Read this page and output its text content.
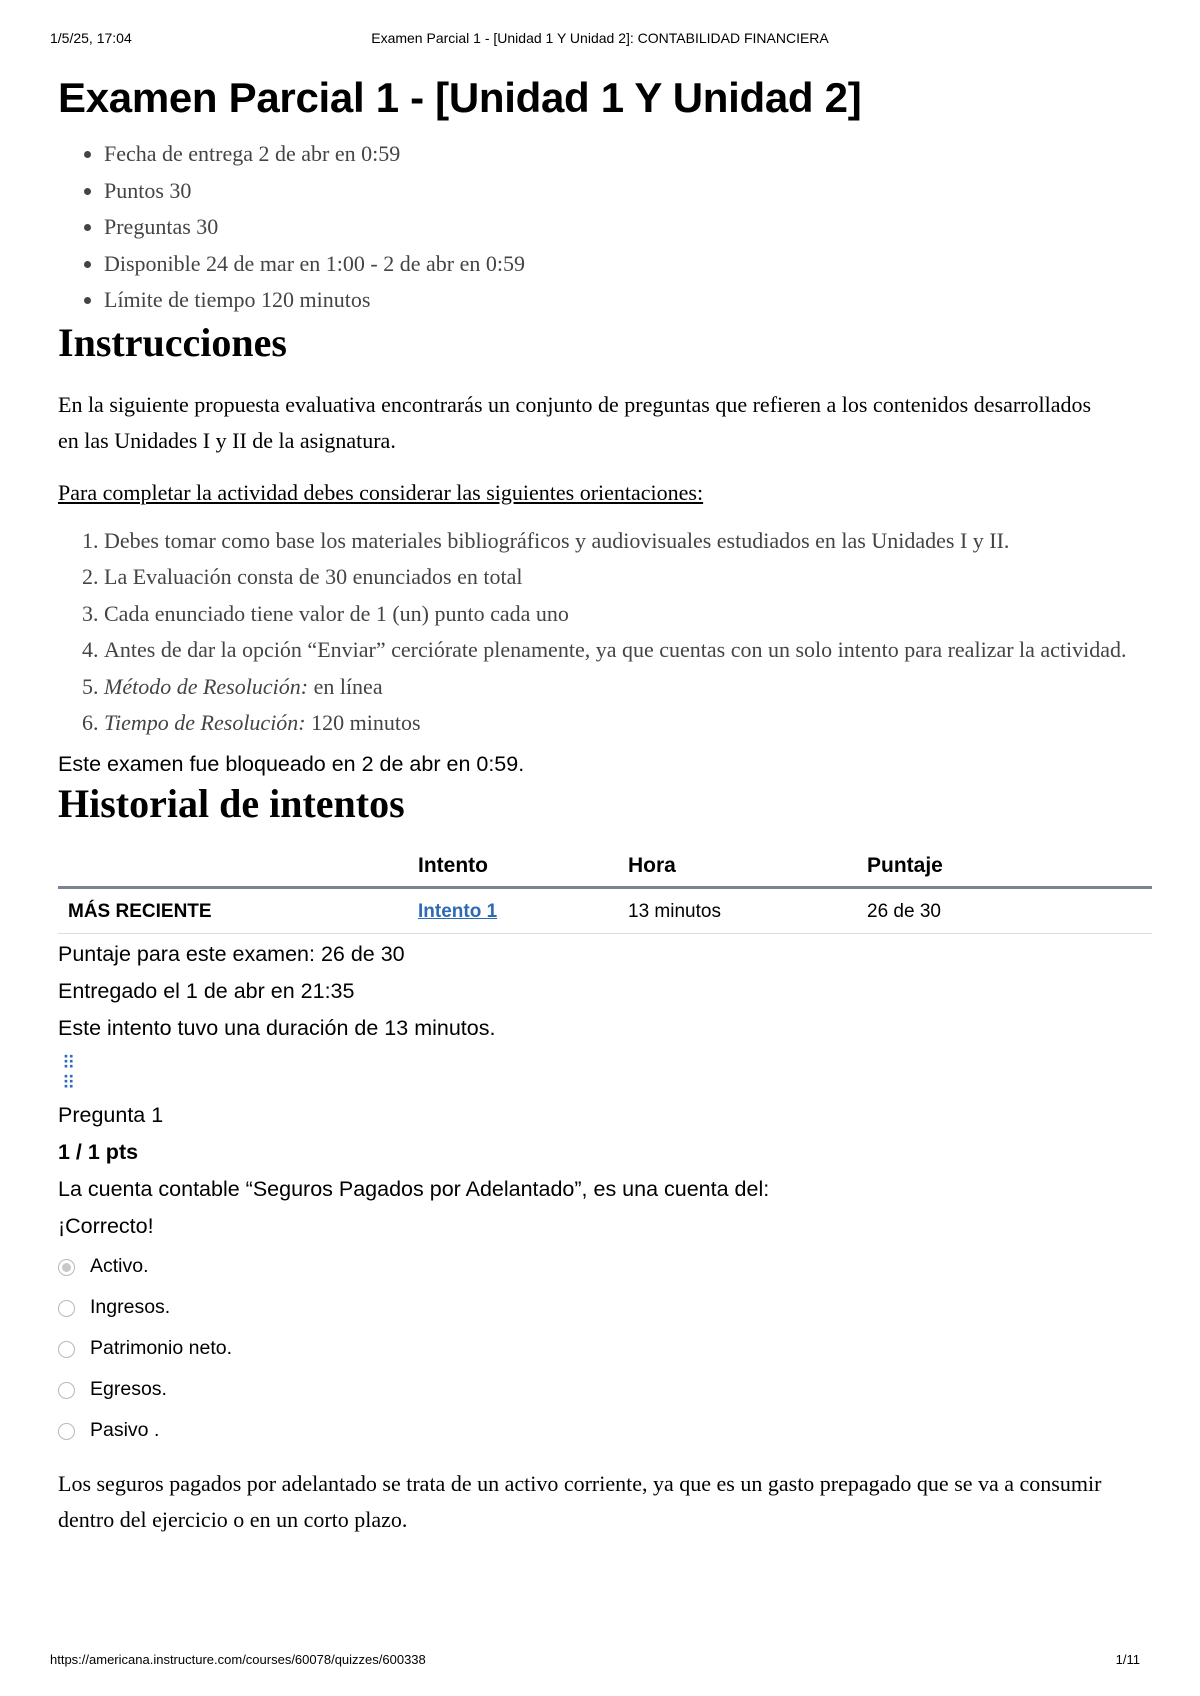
1/5/25, 17:04	Examen Parcial 1 - [Unidad 1 Y Unidad 2]: CONTABILIDAD FINANCIERA
Examen Parcial 1 - [Unidad 1 Y Unidad 2]
• Fecha de entrega 2 de abr en 0:59
• Puntos 30
• Preguntas 30
• Disponible 24 de mar en 1:00 - 2 de abr en 0:59
• Límite de tiempo 120 minutos
Instrucciones

En la siguiente propuesta evaluativa encontrarás un conjunto de preguntas que refieren a los contenidos desarrollados en las Unidades I y II de la asignatura.

Para completar la actividad debes considerar las siguientes orientaciones:

1. Debes tomar como base los materiales bibliográficos y audiovisuales estudiados en las Unidades I y II.
2. La Evaluación consta de 30 enunciados en total
3. Cada enunciado tiene valor de 1 (un) punto cada uno
4. Antes de dar la opción “Enviar” cerciórate plenamente, ya que cuentas con un solo intento para realizar la actividad.
5. Método de Resolución: en línea
6. Tiempo de Resolución: 120 minutos
Este examen fue bloqueado en 2 de abr en 0:59.
Historial de intentos
	Intento	Hora	Puntaje
MÁS RECIENTE	Intento 1	13 minutos	26 de 30
Puntaje para este examen: 26 de 30
Entregado el 1 de abr en 21:35
Este intento tuvo una duración de 13 minutos.
⠿
⠿
Pregunta 1
1 / 1 pts
La cuenta contable “Seguros Pagados por Adelantado”, es una cuenta del:
¡Correcto!
Activo.
Ingresos.
Patrimonio neto.
Egresos.
Pasivo .

Los seguros pagados por adelantado se trata de un activo corriente, ya que es un gasto prepagado que se va a consumir dentro del ejercicio o en un corto plazo.

https://americana.instructure.com/courses/60078/quizzes/600338	1/11
